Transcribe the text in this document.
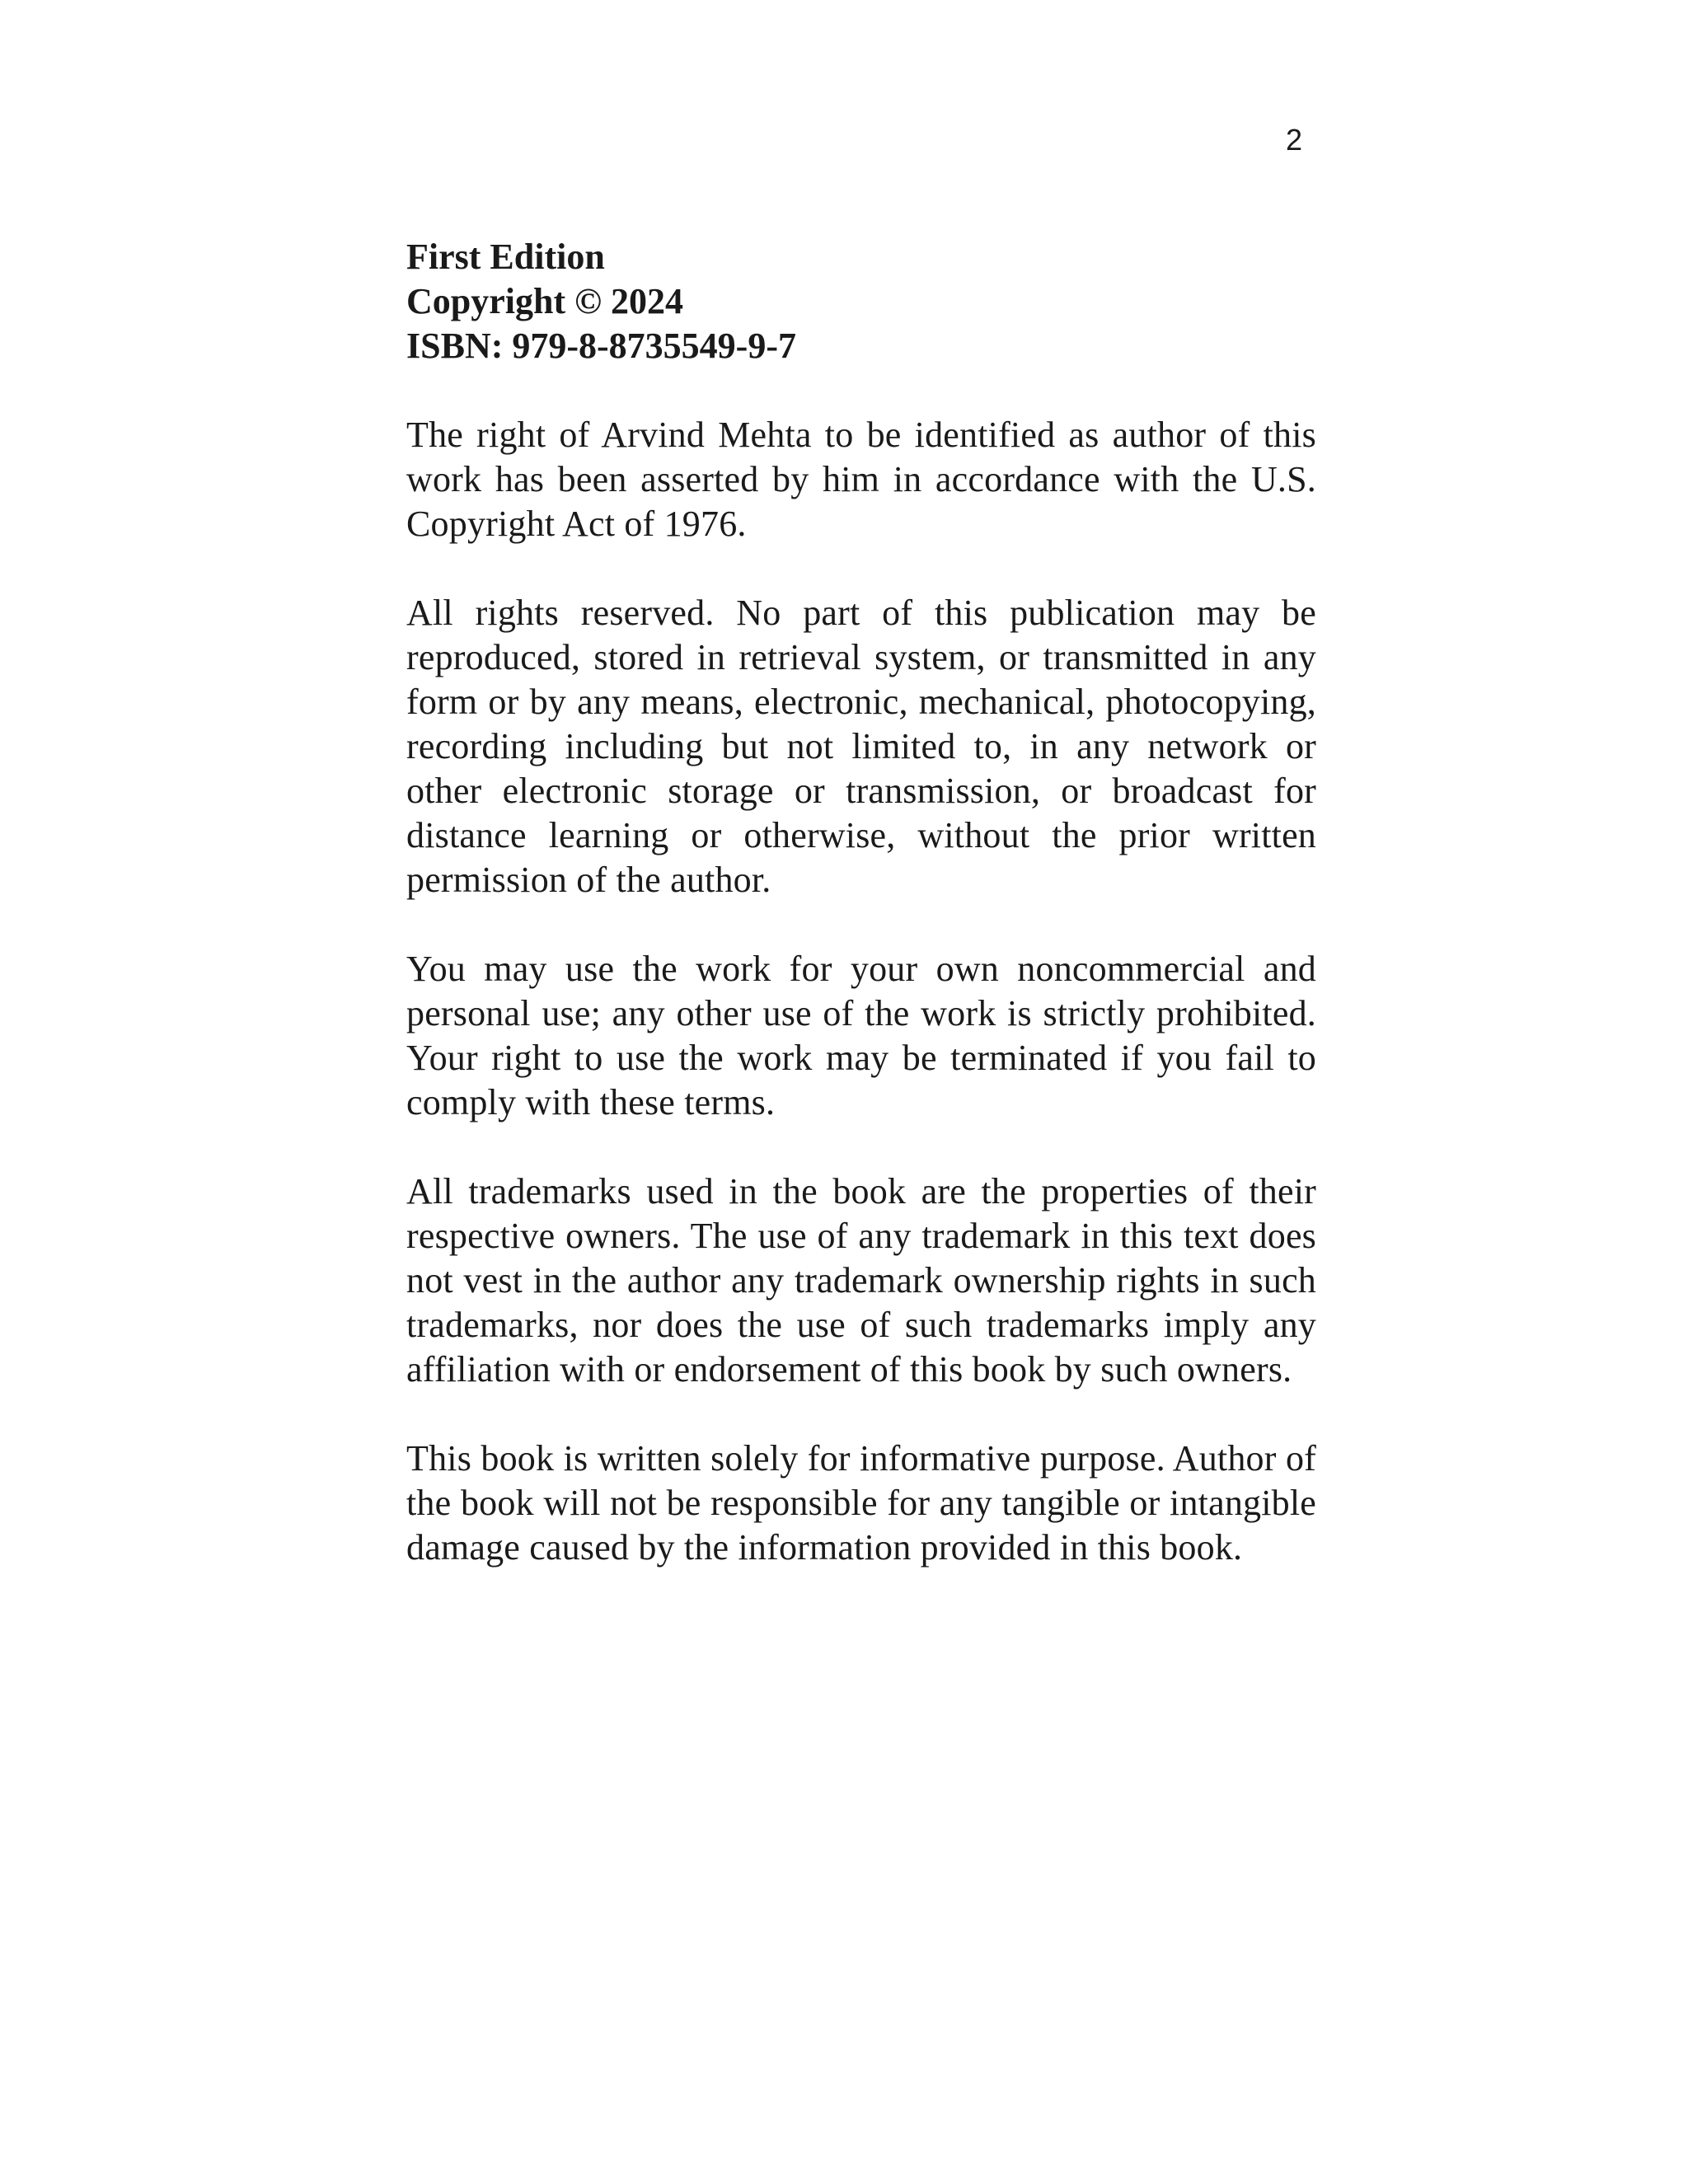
2
First Edition
Copyright © 2024
ISBN: 979-8-8735549-9-7

The right of Arvind Mehta to be identified as author of this work has been asserted by him in accordance with the U.S. Copyright Act of 1976.

All rights reserved. No part of this publication may be reproduced, stored in retrieval system, or transmitted in any form or by any means, electronic, mechanical, photocopying, recording including but not limited to, in any network or other electronic storage or transmission, or broadcast for distance learning or otherwise, without the prior written permission of the author.

You may use the work for your own noncommercial and personal use; any other use of the work is strictly prohibited. Your right to use the work may be terminated if you fail to comply with these terms.

All trademarks used in the book are the properties of their respective owners. The use of any trademark in this text does not vest in the author any trademark ownership rights in such trademarks, nor does the use of such trademarks imply any affiliation with or endorsement of this book by such owners.

This book is written solely for informative purpose. Author of the book will not be responsible for any tangible or intangible damage caused by the information provided in this book.
